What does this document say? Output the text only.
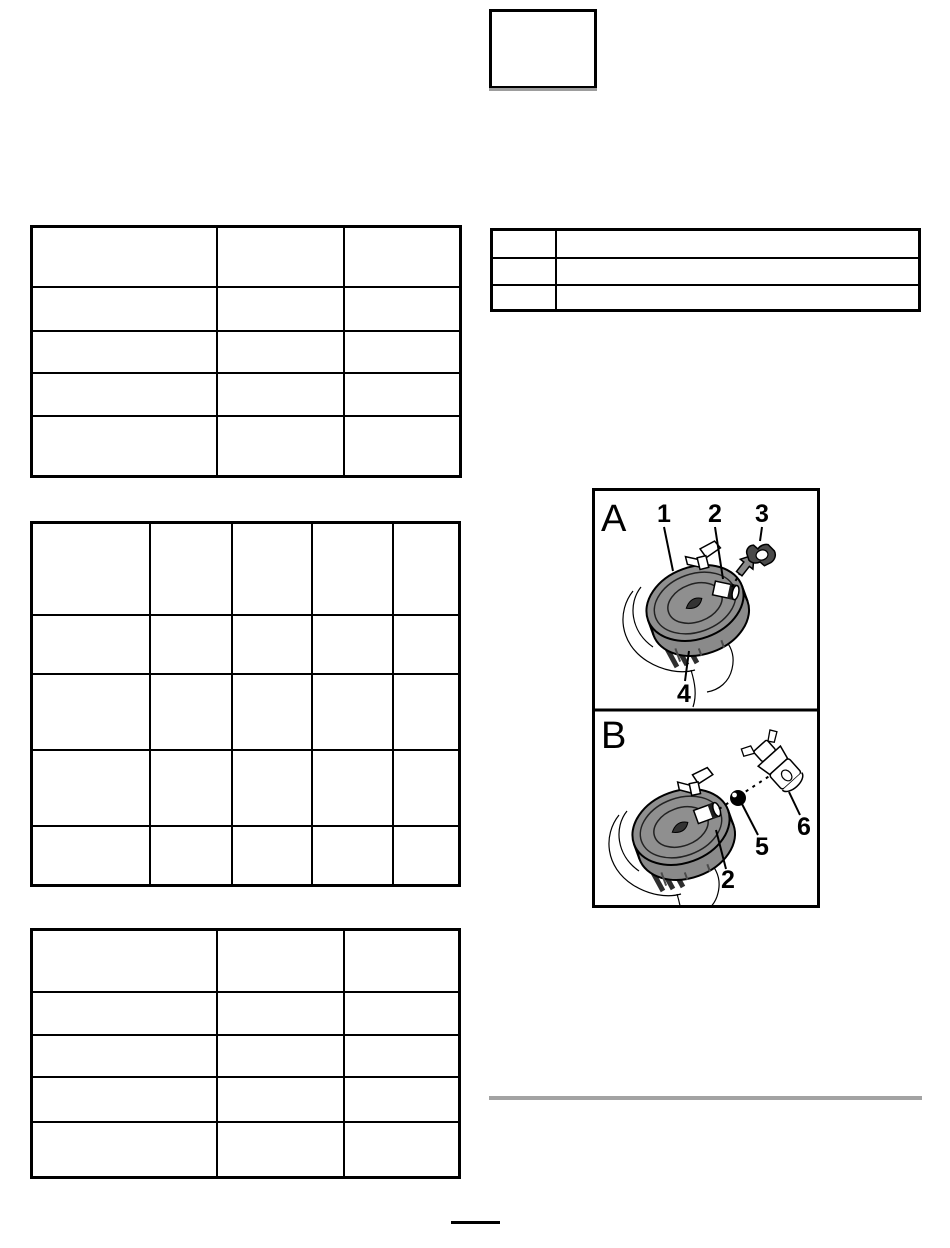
A 1 2 3
4
B
2
5
6
